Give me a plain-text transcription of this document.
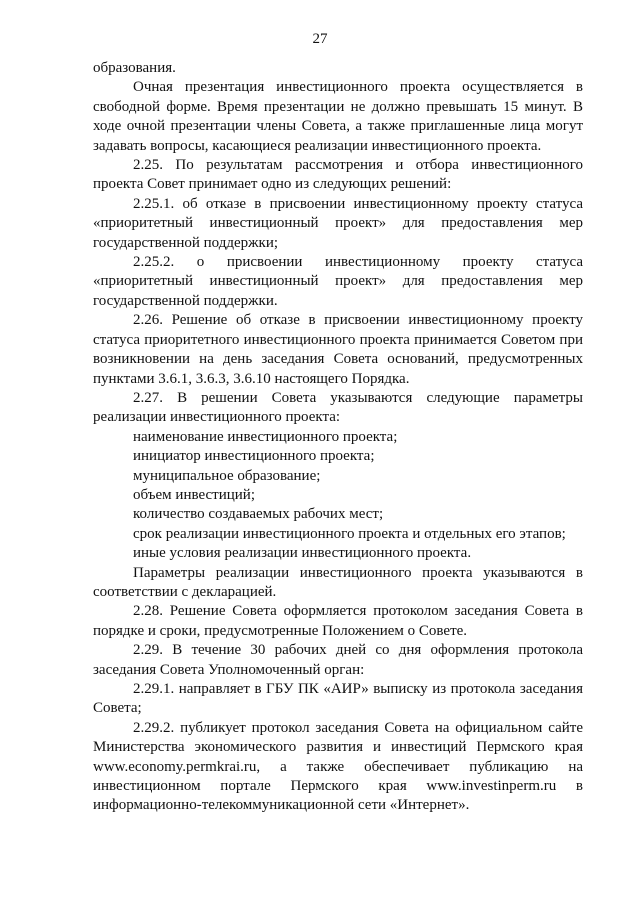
27

образования.

Очная презентация инвестиционного проекта осуществляется в свободной форме. Время презентации не должно превышать 15 минут. В ходе очной презентации члены Совета, а также приглашенные лица могут задавать вопросы, касающиеся реализации инвестиционного проекта.

2.25. По результатам рассмотрения и отбора инвестиционного проекта Совет принимает одно из следующих решений:

2.25.1. об отказе в присвоении инвестиционному проекту статуса «приоритетный инвестиционный проект» для предоставления мер государственной поддержки;

2.25.2. о присвоении инвестиционному проекту статуса «приоритетный инвестиционный проект» для предоставления мер государственной поддержки.

2.26. Решение об отказе в присвоении инвестиционному проекту статуса приоритетного инвестиционного проекта принимается Советом при возникновении на день заседания Совета оснований, предусмотренных пунктами 3.6.1, 3.6.3, 3.6.10 настоящего Порядка.

2.27. В решении Совета указываются следующие параметры реализации инвестиционного проекта:

наименование инвестиционного проекта;

инициатор инвестиционного проекта;

муниципальное образование;

объем инвестиций;

количество создаваемых рабочих мест;

срок реализации инвестиционного проекта и отдельных его этапов;

иные условия реализации инвестиционного проекта.

Параметры реализации инвестиционного проекта указываются в соответствии с декларацией.

2.28. Решение Совета оформляется протоколом заседания Совета в порядке и сроки, предусмотренные Положением о Совете.

2.29. В течение 30 рабочих дней со дня оформления протокола заседания Совета Уполномоченный орган:

2.29.1. направляет в ГБУ ПК «АИР» выписку из протокола заседания Совета;

2.29.2. публикует протокол заседания Совета на официальном сайте Министерства экономического развития и инвестиций Пермского края www.economy.permkrai.ru, а также обеспечивает публикацию на инвестиционном портале Пермского края www.investinperm.ru в информационно-телекоммуникационной сети «Интернет».
